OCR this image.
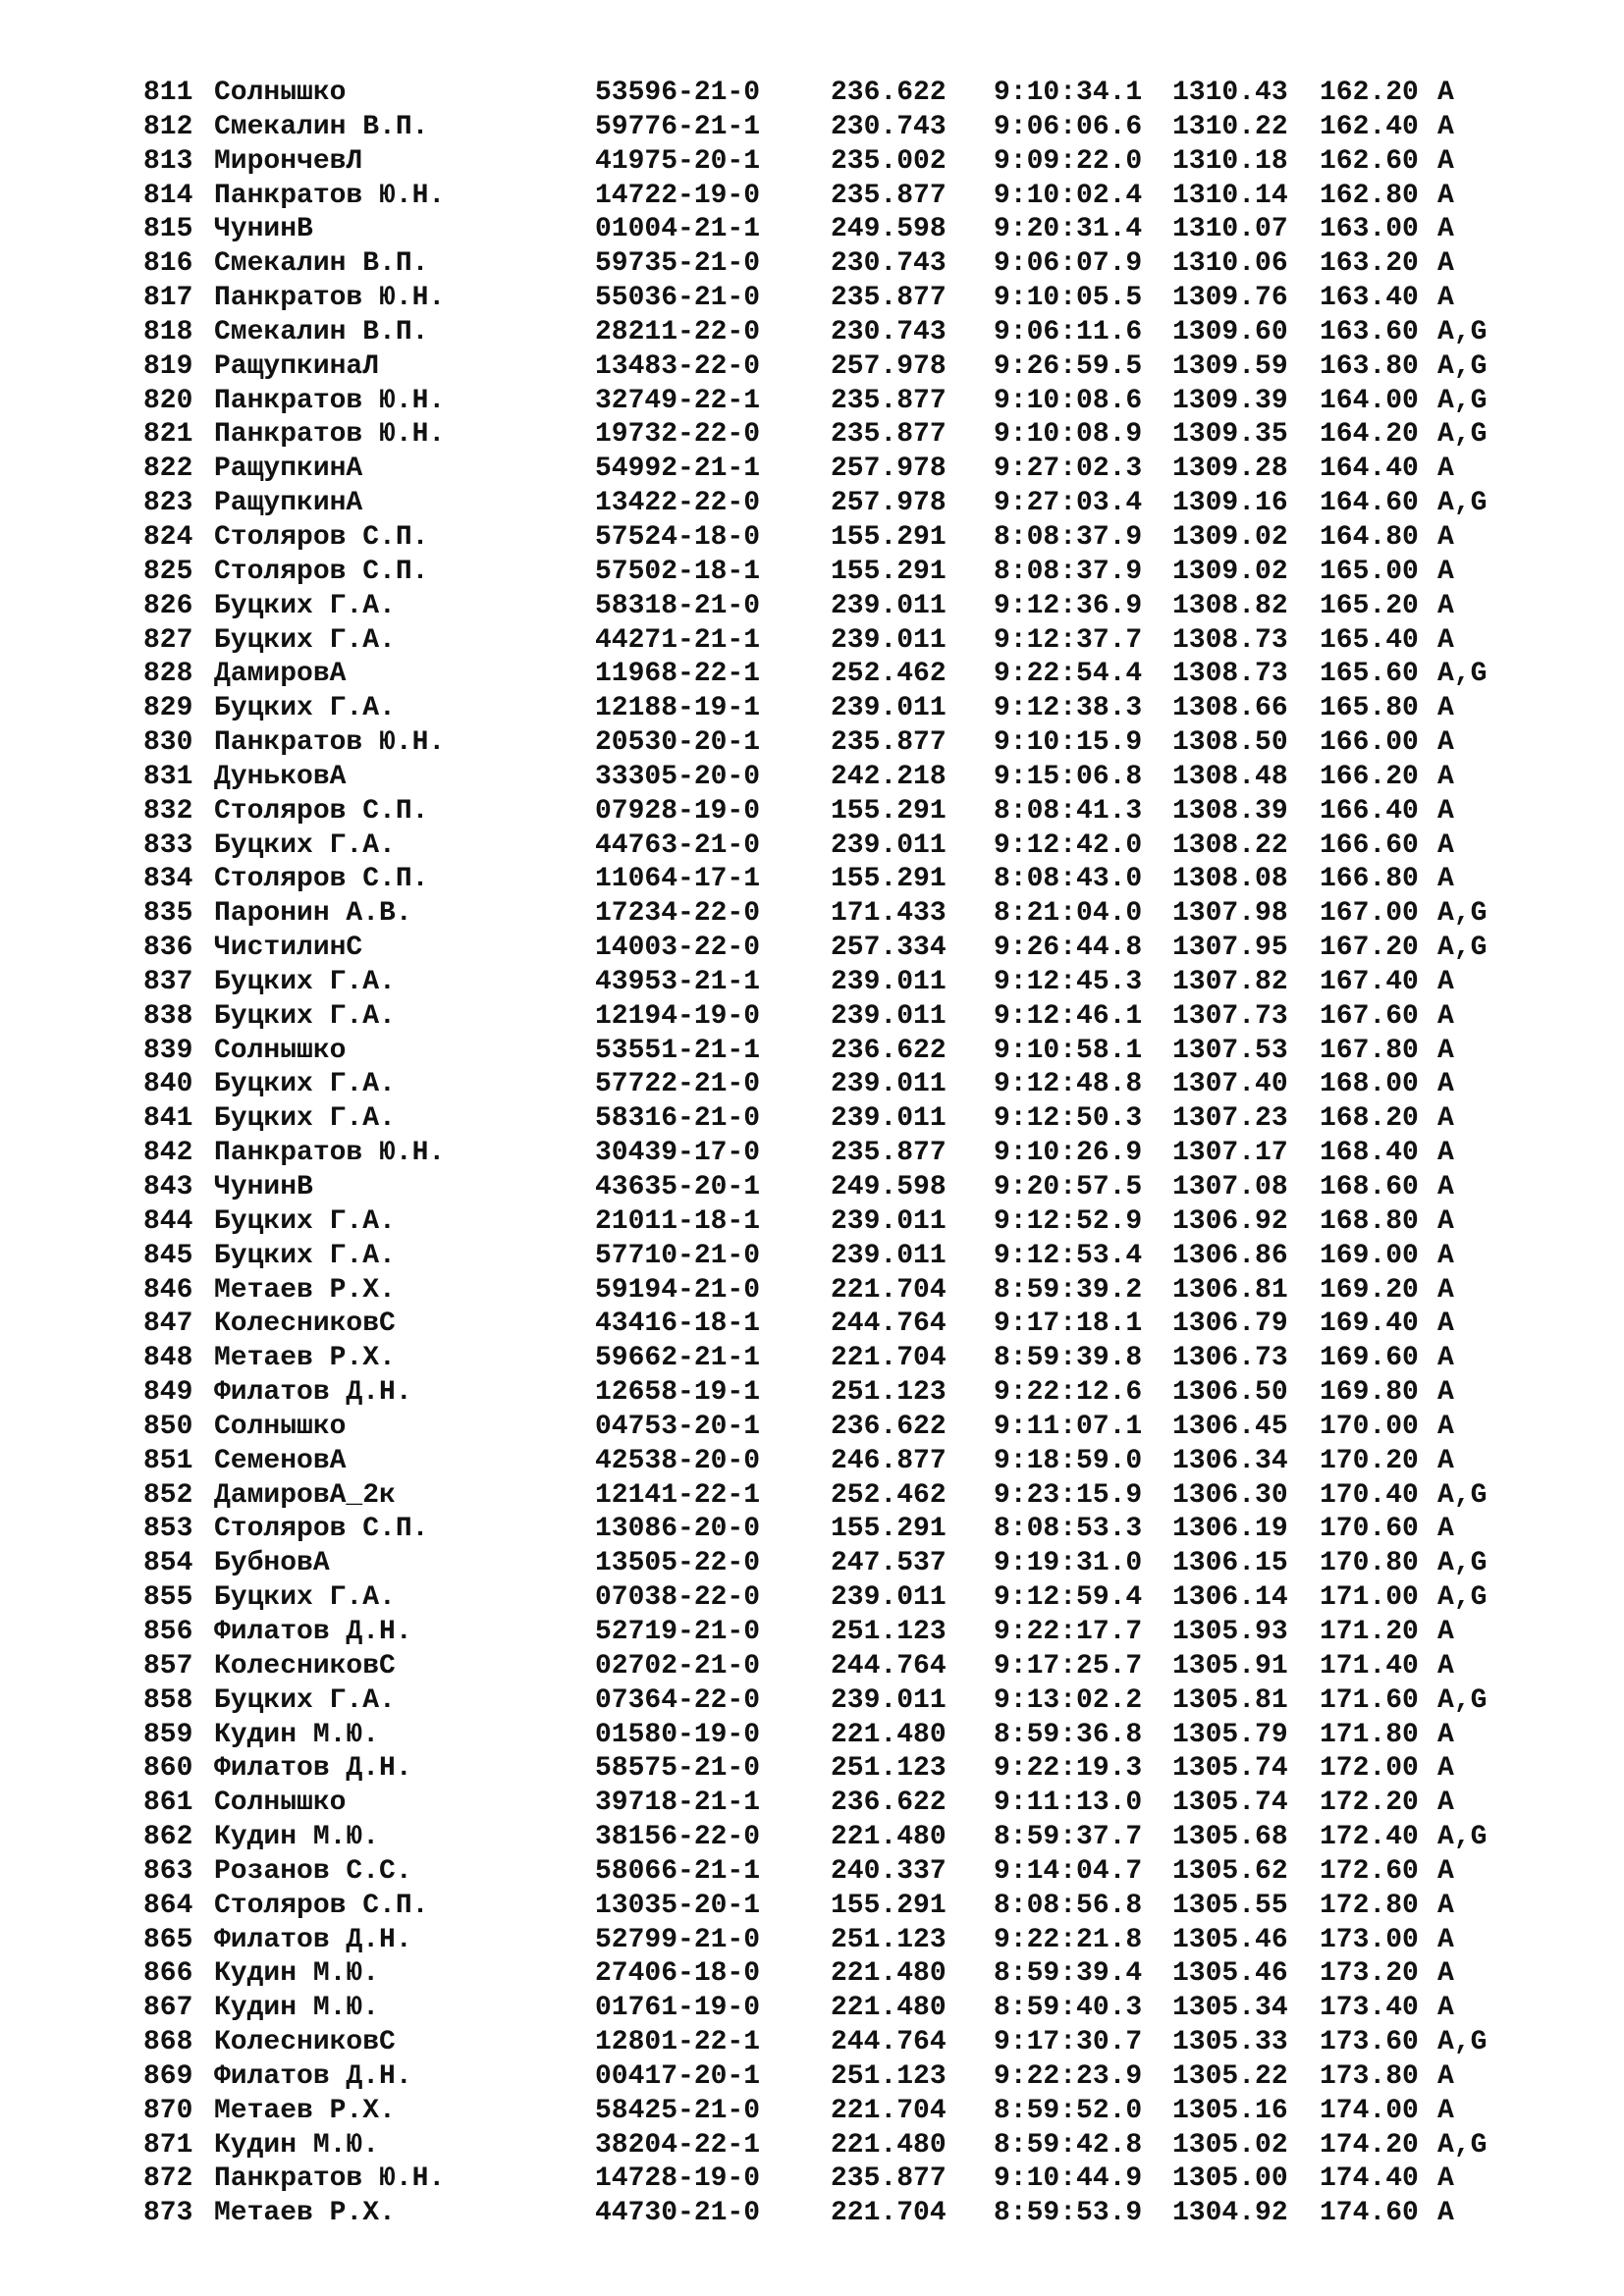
811 Солнышко	53596-21-0	236.622 9:10:34.1 1310.43 162.20 A
812 Смекалин В.П.	59776-21-1	230.743 9:06:06.6 1310.22 162.40 A
813 МирончевЛ	41975-20-1	235.002 9:09:22.0 1310.18 162.60 A
814 Панкратов Ю.Н.	14722-19-0	235.877 9:10:02.4 1310.14 162.80 A
815 ЧунинВ	01004-21-1	249.598 9:20:31.4 1310.07 163.00 A
816 Смекалин В.П.	59735-21-0	230.743 9:06:07.9 1310.06 163.20 A
817 Панкратов Ю.Н.	55036-21-0	235.877 9:10:05.5 1309.76 163.40 A
818 Смекалин В.П.	28211-22-0	230.743 9:06:11.6 1309.60 163.60 A,G
819 РащупкинаЛ	13483-22-0	257.978 9:26:59.5 1309.59 163.80 A,G
820 Панкратов Ю.Н.	32749-22-1	235.877 9:10:08.6 1309.39 164.00 A,G
821 Панкратов Ю.Н.	19732-22-0	235.877 9:10:08.9 1309.35 164.20 A,G
822 РащупкинА	54992-21-1	257.978 9:27:02.3 1309.28 164.40 A
823 РащупкинА	13422-22-0	257.978 9:27:03.4 1309.16 164.60 A,G
824 Столяров С.П.	57524-18-0	155.291 8:08:37.9 1309.02 164.80 A
825 Столяров С.П.	57502-18-1	155.291 8:08:37.9 1309.02 165.00 A
826 Буцких Г.А.	58318-21-0	239.011 9:12:36.9 1308.82 165.20 A
827 Буцких Г.А.	44271-21-1	239.011 9:12:37.7 1308.73 165.40 A
828 ДамировА	11968-22-1	252.462 9:22:54.4 1308.73 165.60 A,G
829 Буцких Г.А.	12188-19-1	239.011 9:12:38.3 1308.66 165.80 A
830 Панкратов Ю.Н.	20530-20-1	235.877 9:10:15.9 1308.50 166.00 A
831 ДуньковА	33305-20-0	242.218 9:15:06.8 1308.48 166.20 A
832 Столяров С.П.	07928-19-0	155.291 8:08:41.3 1308.39 166.40 A
833 Буцких Г.А.	44763-21-0	239.011 9:12:42.0 1308.22 166.60 A
834 Столяров С.П.	11064-17-1	155.291 8:08:43.0 1308.08 166.80 A
835 Паронин А.В.	17234-22-0	171.433 8:21:04.0 1307.98 167.00 A,G
836 ЧистилинС	14003-22-0	257.334 9:26:44.8 1307.95 167.20 A,G
837 Буцких Г.А.	43953-21-1	239.011 9:12:45.3 1307.82 167.40 A
838 Буцких Г.А.	12194-19-0	239.011 9:12:46.1 1307.73 167.60 A
839 Солнышко	53551-21-1	236.622 9:10:58.1 1307.53 167.80 A
840 Буцких Г.А.	57722-21-0	239.011 9:12:48.8 1307.40 168.00 A
841 Буцких Г.А.	58316-21-0	239.011 9:12:50.3 1307.23 168.20 A
842 Панкратов Ю.Н.	30439-17-0	235.877 9:10:26.9 1307.17 168.40 A
843 ЧунинВ	43635-20-1	249.598 9:20:57.5 1307.08 168.60 A
844 Буцких Г.А.	21011-18-1	239.011 9:12:52.9 1306.92 168.80 A
845 Буцких Г.А.	57710-21-0	239.011 9:12:53.4 1306.86 169.00 A
846 Метаев Р.Х.	59194-21-0	221.704 8:59:39.2 1306.81 169.20 A
847 КолесниковС	43416-18-1	244.764 9:17:18.1 1306.79 169.40 A
848 Метаев Р.Х.	59662-21-1	221.704 8:59:39.8 1306.73 169.60 A
849 Филатов Д.Н.	12658-19-1	251.123 9:22:12.6 1306.50 169.80 A
850 Солнышко	04753-20-1	236.622 9:11:07.1 1306.45 170.00 A
851 СеменовА	42538-20-0	246.877 9:18:59.0 1306.34 170.20 A
852 ДамировА_2к	12141-22-1	252.462 9:23:15.9 1306.30 170.40 A,G
853 Столяров С.П.	13086-20-0	155.291 8:08:53.3 1306.19 170.60 A
854 БубновА	13505-22-0	247.537 9:19:31.0 1306.15 170.80 A,G
855 Буцких Г.А.	07038-22-0	239.011 9:12:59.4 1306.14 171.00 A,G
856 Филатов Д.Н.	52719-21-0	251.123 9:22:17.7 1305.93 171.20 A
857 КолесниковС	02702-21-0	244.764 9:17:25.7 1305.91 171.40 A
858 Буцких Г.А.	07364-22-0	239.011 9:13:02.2 1305.81 171.60 A,G
859 Кудин М.Ю.	01580-19-0	221.480 8:59:36.8 1305.79 171.80 A
860 Филатов Д.Н.	58575-21-0	251.123 9:22:19.3 1305.74 172.00 A
861 Солнышко	39718-21-1	236.622 9:11:13.0 1305.74 172.20 A
862 Кудин М.Ю.	38156-22-0	221.480 8:59:37.7 1305.68 172.40 A,G
863 Розанов С.С.	58066-21-1	240.337 9:14:04.7 1305.62 172.60 A
864 Столяров С.П.	13035-20-1	155.291 8:08:56.8 1305.55 172.80 A
865 Филатов Д.Н.	52799-21-0	251.123 9:22:21.8 1305.46 173.00 A
866 Кудин М.Ю.	27406-18-0	221.480 8:59:39.4 1305.46 173.20 A
867 Кудин М.Ю.	01761-19-0	221.480 8:59:40.3 1305.34 173.40 A
868 КолесниковС	12801-22-1	244.764 9:17:30.7 1305.33 173.60 A,G
869 Филатов Д.Н.	00417-20-1	251.123 9:22:23.9 1305.22 173.80 A
870 Метаев Р.Х.	58425-21-0	221.704 8:59:52.0 1305.16 174.00 A
871 Кудин М.Ю.	38204-22-1	221.480 8:59:42.8 1305.02 174.20 A,G
872 Панкратов Ю.Н.	14728-19-0	235.877 9:10:44.9 1305.00 174.40 A
873 Метаев Р.Х.	44730-21-0	221.704 8:59:53.9 1304.92 174.60 A
